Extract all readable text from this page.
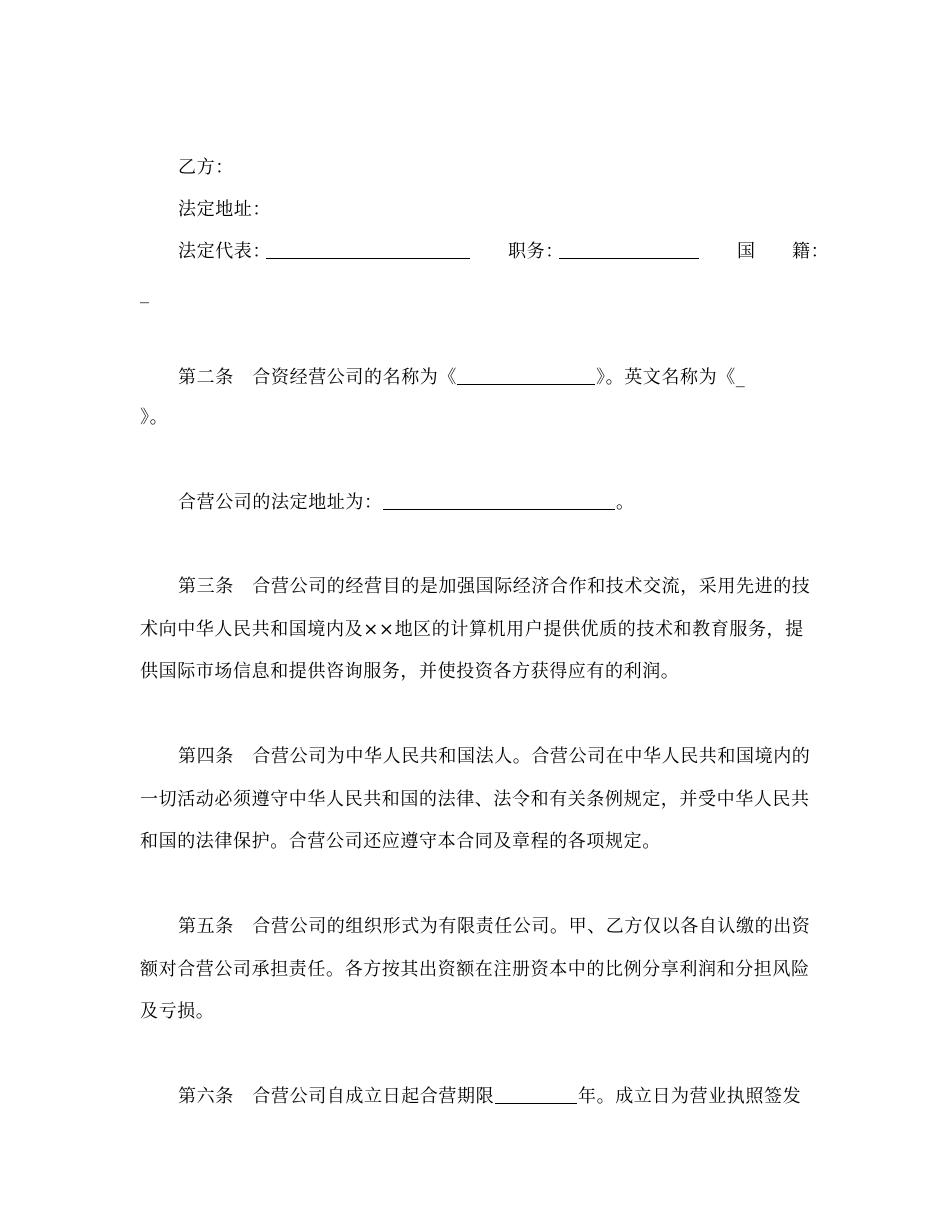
乙方：
法定地址：
法定代表：	职务：	国 籍：
_
第二条　合资经营公司的名称为《	》。英文名称为《_
》。
合营公司的法定地址为：	。
第三条　合营公司的经营目的是加强国际经济合作和技术交流，采用先进的技
术向中华人民共和国境内及××地区的计算机用户提供优质的技术和教育服务，提
供国际市场信息和提供咨询服务，并使投资各方获得应有的利润。
第四条　合营公司为中华人民共和国法人。合营公司在中华人民共和国境内的
一切活动必须遵守中华人民共和国的法律、法令和有关条例规定，并受中华人民共
和国的法律保护。合营公司还应遵守本合同及章程的各项规定。
第五条　合营公司的组织形式为有限责任公司。甲、乙方仅以各自认缴的出资
额对合营公司承担责任。各方按其出资额在注册资本中的比例分享利润和分担风险
及亏损。
第六条　合营公司自成立日起合营期限	年。成立日为营业执照签发
